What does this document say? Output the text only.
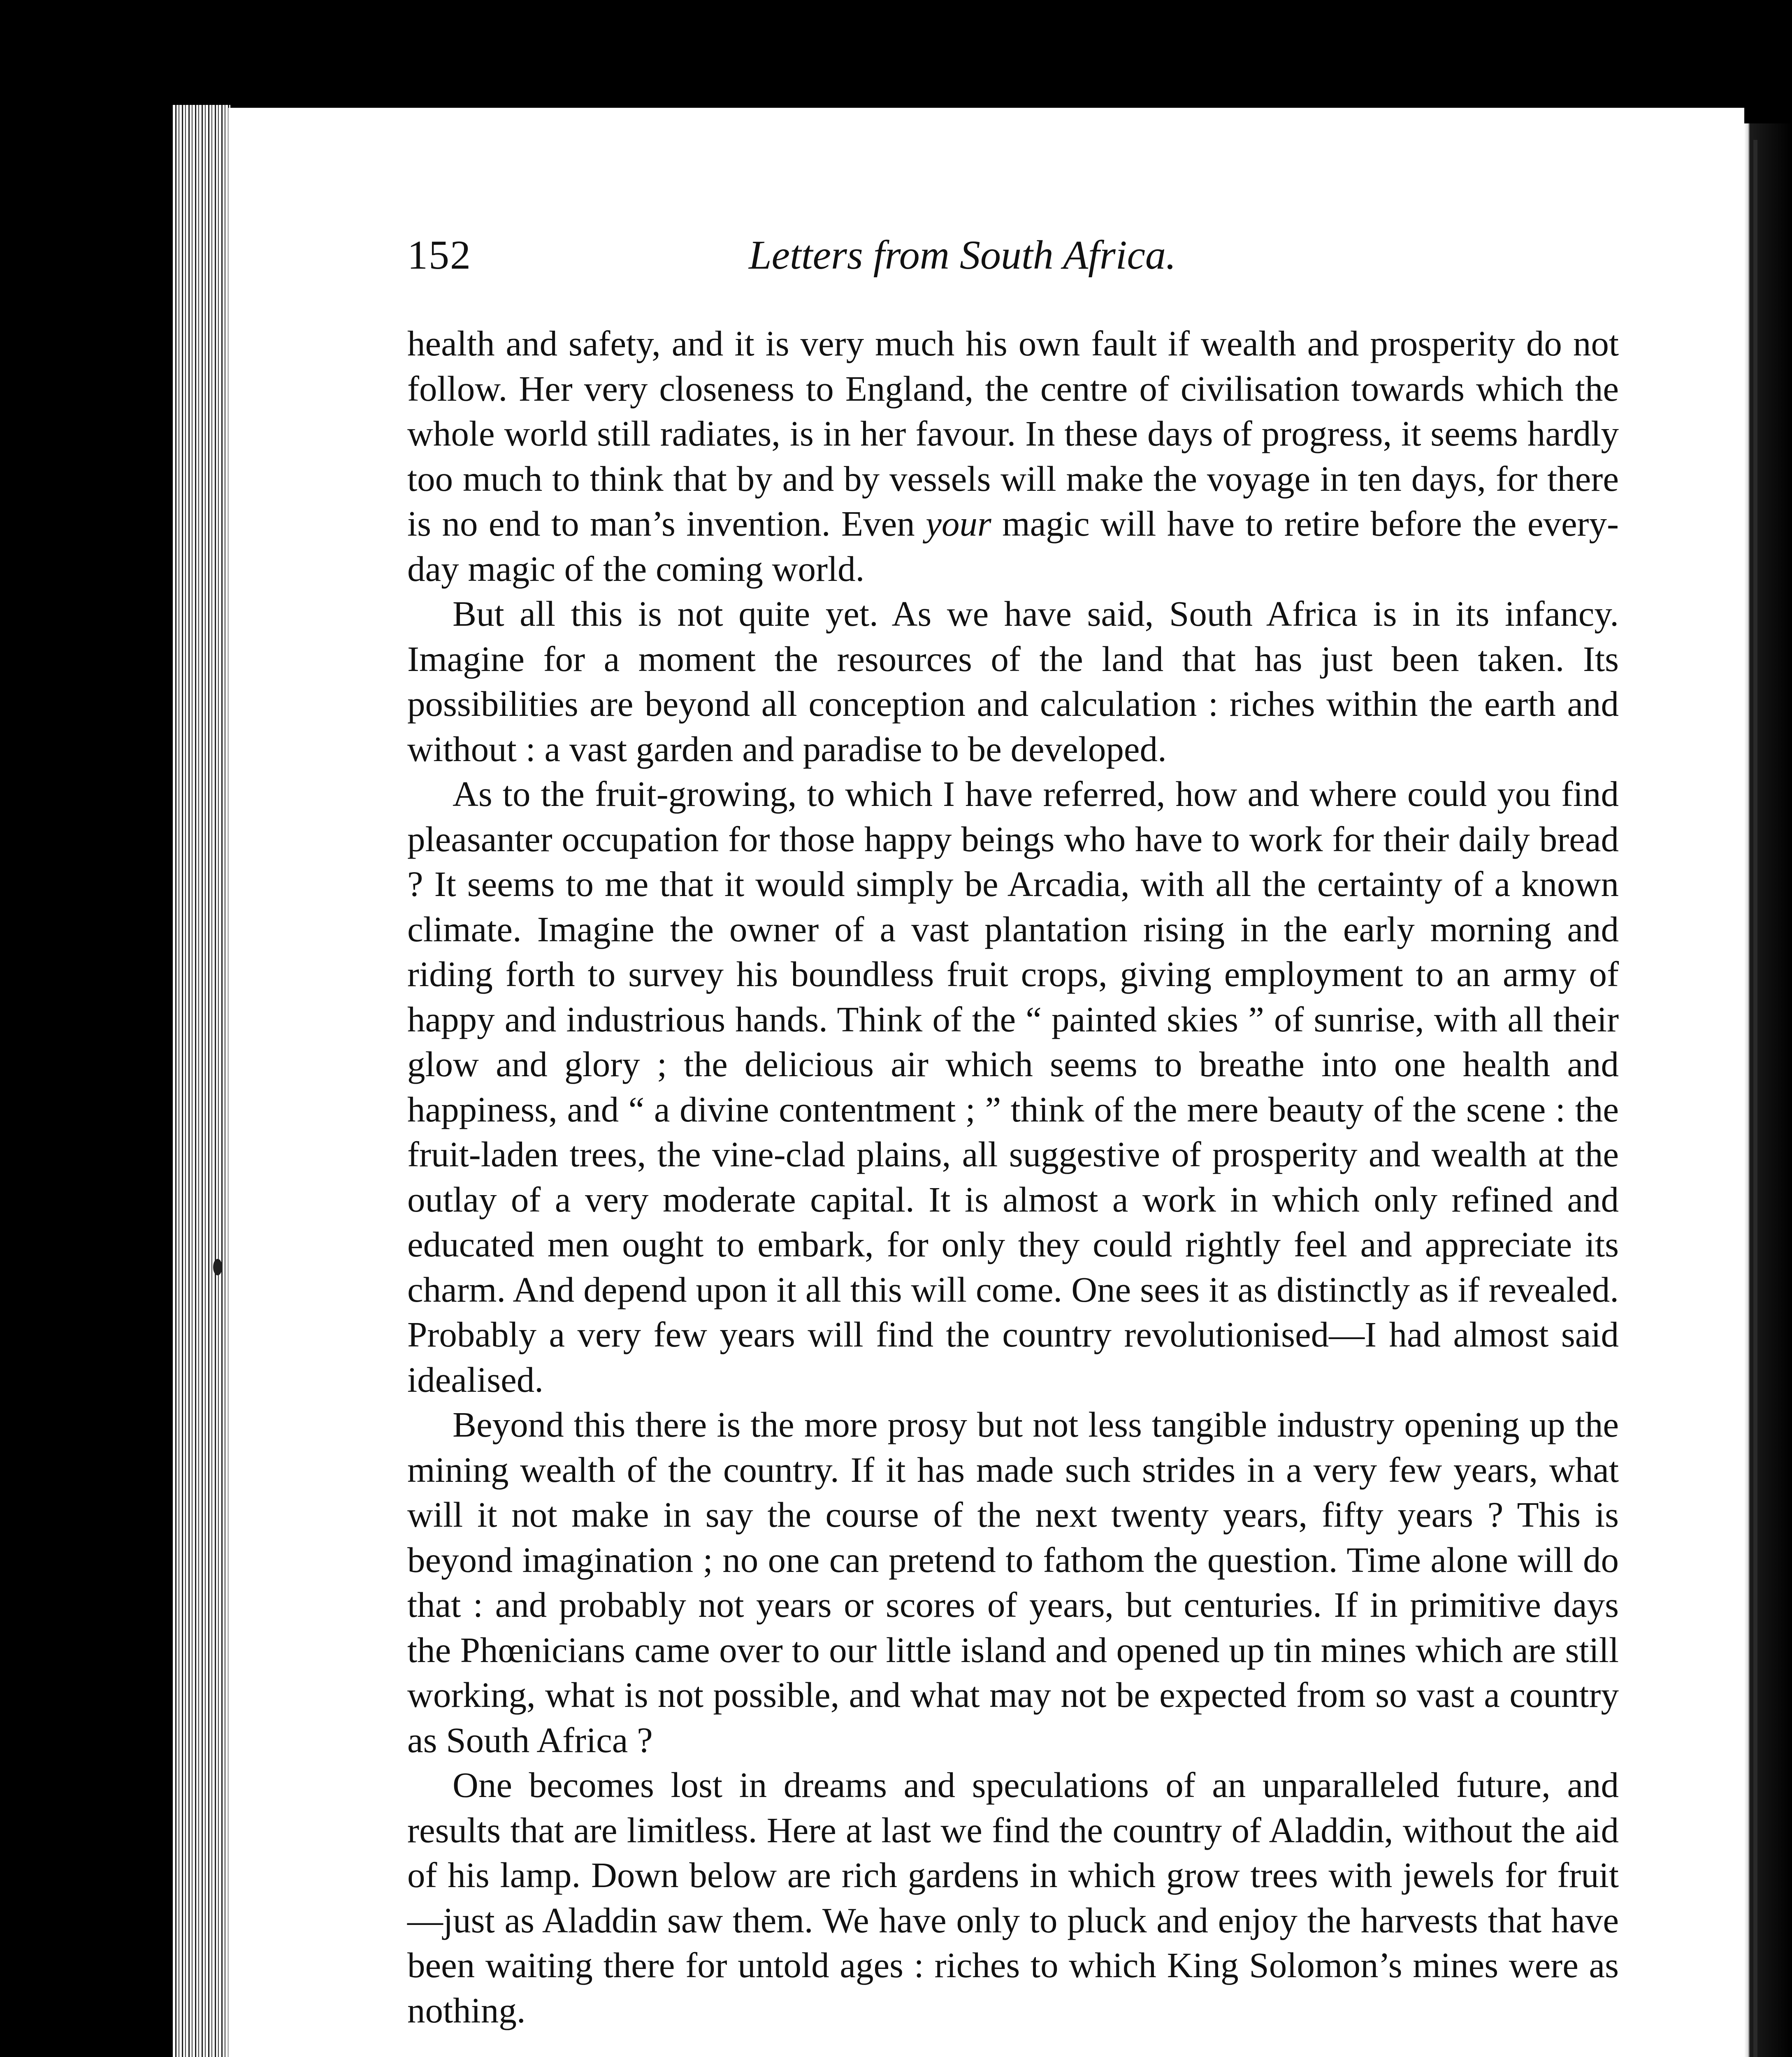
152	Letters from South Africa.

health and safety, and it is very much his own fault if wealth and prosperity do not follow. Her very closeness to England, the centre of civilisation towards which the whole world still radiates, is in her favour. In these days of progress, it seems hardly too much to think that by and by vessels will make the voyage in ten days, for there is no end to man’s invention. Even your magic will have to retire before the every-day magic of the coming world.

But all this is not quite yet. As we have said, South Africa is in its infancy. Imagine for a moment the resources of the land that has just been taken. Its possibilities are beyond all conception and calculation : riches within the earth and without : a vast garden and paradise to be developed.

As to the fruit-growing, to which I have referred, how and where could you find pleasanter occupation for those happy beings who have to work for their daily bread ? It seems to me that it would simply be Arcadia, with all the certainty of a known climate. Imagine the owner of a vast plantation rising in the early morning and riding forth to survey his boundless fruit crops, giving employment to an army of happy and industrious hands. Think of the “ painted skies ” of sunrise, with all their glow and glory ; the delicious air which seems to breathe into one health and happiness, and “ a divine contentment ; ” think of the mere beauty of the scene : the fruit-laden trees, the vine-clad plains, all suggestive of prosperity and wealth at the outlay of a very moderate capital. It is almost a work in which only refined and educated men ought to embark, for only they could rightly feel and appreciate its charm. And depend upon it all this will come. One sees it as distinctly as if revealed. Probably a very few years will find the country revolutionised—I had almost said idealised.

Beyond this there is the more prosy but not less tangible industry opening up the mining wealth of the country. If it has made such strides in a very few years, what will it not make in say the course of the next twenty years, fifty years ? This is beyond imagination ; no one can pretend to fathom the question. Time alone will do that : and probably not years or scores of years, but centuries. If in primitive days the Phœnicians came over to our little island and opened up tin mines which are still working, what is not possible, and what may not be expected from so vast a country as South Africa ?

One becomes lost in dreams and speculations of an unparalleled future, and results that are limitless. Here at last we find the country of Aladdin, without the aid of his lamp. Down below are rich gardens in which grow trees with jewels for fruit—just as Aladdin saw them. We have only to pluck and enjoy the harvests that have been waiting there for untold ages : riches to which King Solomon’s mines were as nothing.
